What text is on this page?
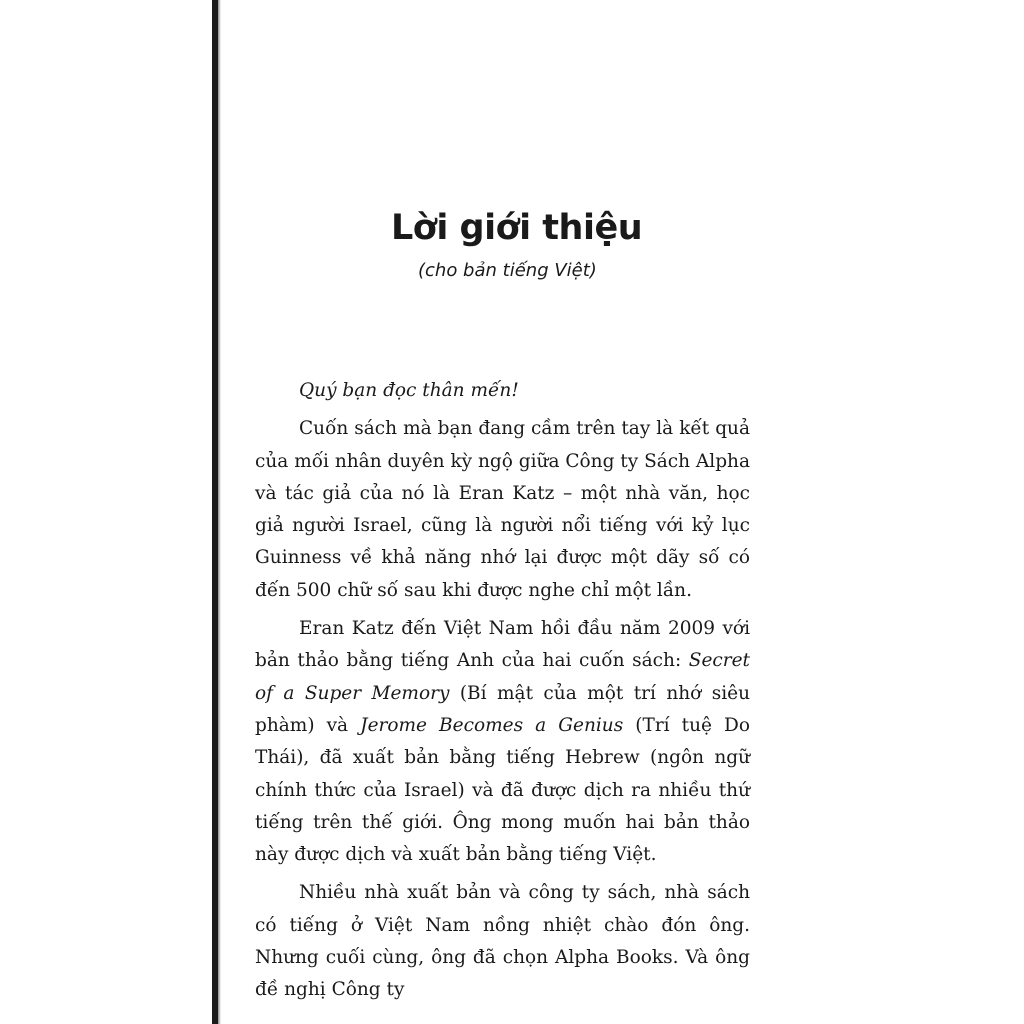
Lời giới thiệu
(cho bản tiếng Việt)

Quý bạn đọc thân mến!

Cuốn sách mà bạn đang cầm trên tay là kết quả của mối nhân duyên kỳ ngộ giữa Công ty Sách Alpha và tác giả của nó là Eran Katz – một nhà văn, học giả người Israel, cũng là người nổi tiếng với kỷ lục Guinness về khả năng nhớ lại được một dãy số có đến 500 chữ số sau khi được nghe chỉ một lần.

Eran Katz đến Việt Nam hồi đầu năm 2009 với bản thảo bằng tiếng Anh của hai cuốn sách: Secret of a Super Memory (Bí mật của một trí nhớ siêu phàm) và Jerome Becomes a Genius (Trí tuệ Do Thái), đã xuất bản bằng tiếng Hebrew (ngôn ngữ chính thức của Israel) và đã được dịch ra nhiều thứ tiếng trên thế giới. Ông mong muốn hai bản thảo này được dịch và xuất bản bằng tiếng Việt.

Nhiều nhà xuất bản và công ty sách, nhà sách có tiếng ở Việt Nam nồng nhiệt chào đón ông. Nhưng cuối cùng, ông đã chọn Alpha Books. Và ông đề nghị Công ty
